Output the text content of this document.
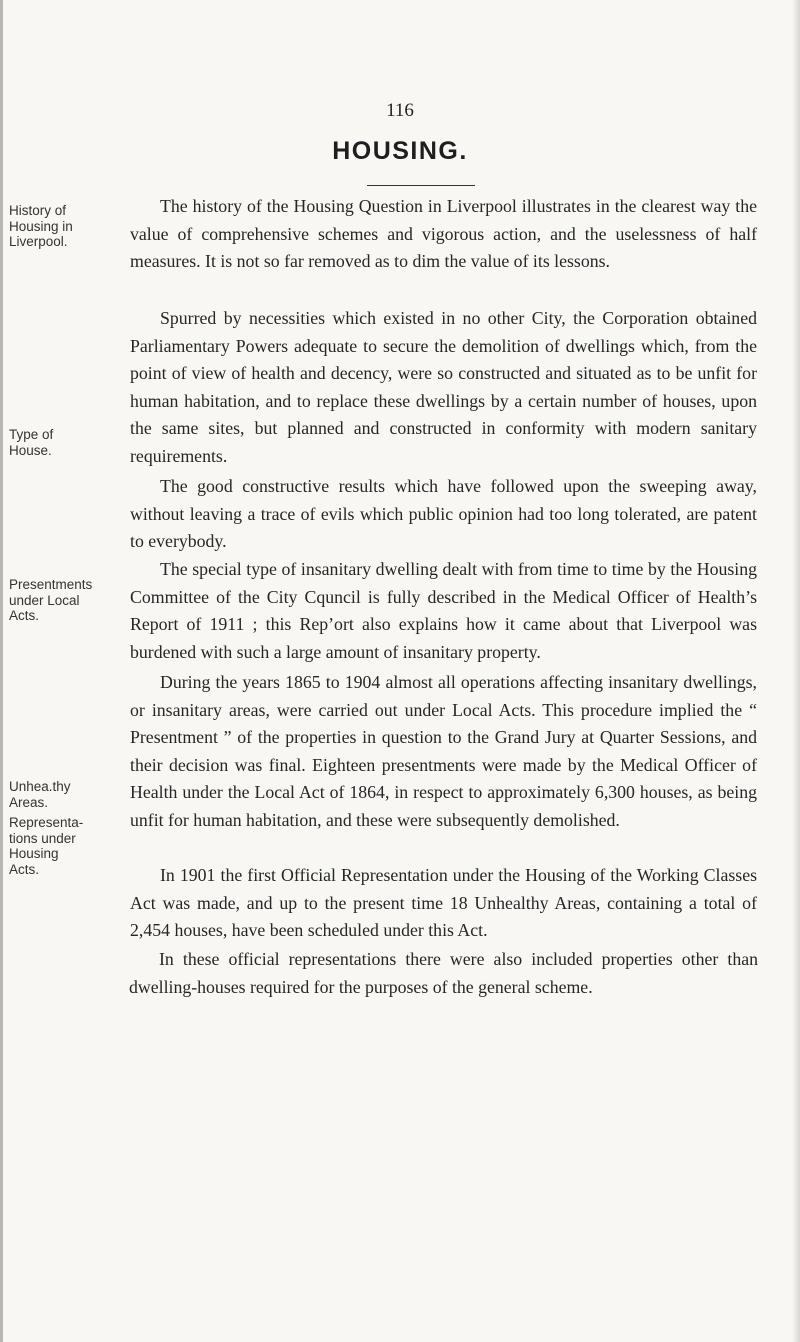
116
HOUSING.
History of
Housing in
Liverpool.
Type of
House.
Presentments
under Local
Acts.
Unhea.thy
Areas.
Representa-
tions under
Housing
Acts.

The history of the Housing Question in Liverpool illustrates in the clearest way the value of comprehensive schemes and vigorous action, and the uselessness of half measures. It is not so far removed as to dim the value of its lessons.

Spurred by necessities which existed in no other City, the Corporation obtained Parliamentary Powers adequate to secure the demolition of dwellings which, from the point of view of health and decency, were so constructed and situated as to be unfit for human habitation, and to replace these dwellings by a certain number of houses, upon the same sites, but planned and constructed in conformity with modern sanitary requirements.

The good constructive results which have followed upon the sweeping away, without leaving a trace of evils which public opinion had too long tolerated, are patent to everybody.

The special type of insanitary dwelling dealt with from time to time by the Housing Committee of the City Cquncil is fully described in the Medical Officer of Health’s Report of 1911 ; this Rep’ort also explains how it came about that Liverpool was burdened with such a large amount of insanitary property.

During the years 1865 to 1904 almost all operations affecting insanitary dwellings, or insanitary areas, were carried out under Local Acts. This procedure implied the “ Presentment ” of the properties in question to the Grand Jury at Quarter Sessions, and their decision was final. Eighteen presentments were made by the Medical Officer of Health under the Local Act of 1864, in respect to approximately 6,300 houses, as being unfit for human habitation, and these were subsequently demolished.

In 1901 the first Official Representation under the Housing of the Working Classes Act was made, and up to the present time 18 Unhealthy Areas, containing a total of 2,454 houses, have been scheduled under this Act.

In these official representations there were also included properties other than dwelling-houses required for the purposes of the general scheme.
